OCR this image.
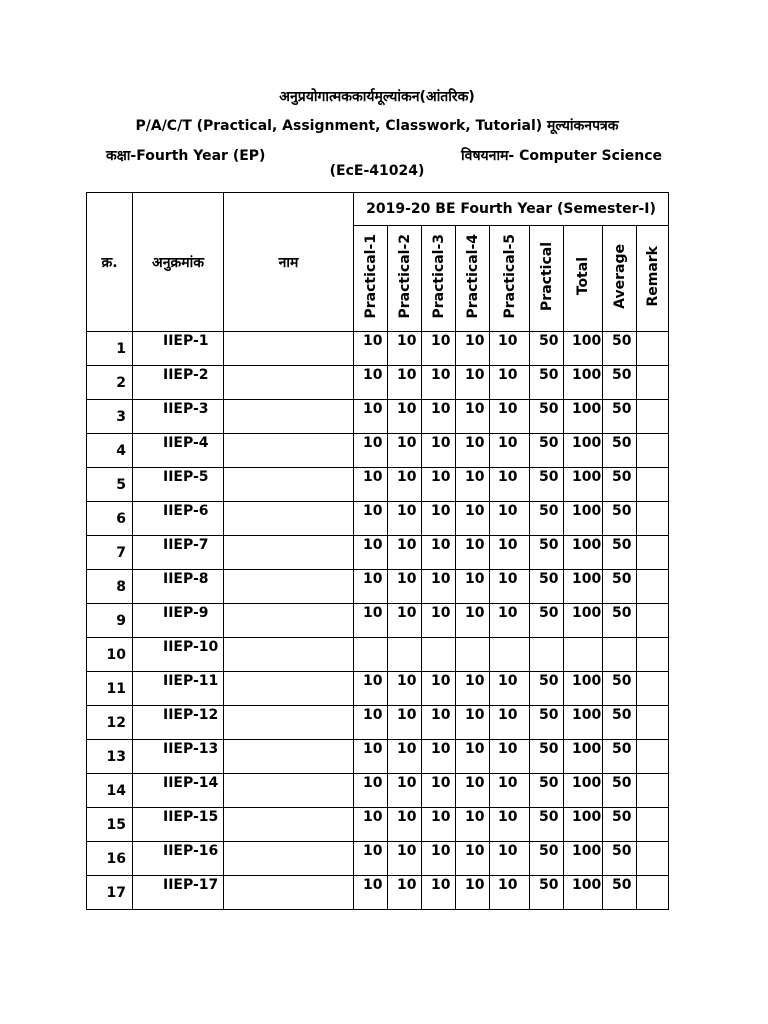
अनुप्रयोगात्मककार्यमूल्यांकन(आंतरिक)
P/A/C/T (Practical, Assignment, Classwork, Tutorial) मूल्यांकनपत्रक
कक्षा-Fourth Year (EP)	विषयनाम- Computer Science
(EcE-41024)
क्र.	अनुक्रमांक	नाम	2019-20 BE Fourth Year (Semester-I)								
			Practical-1	Practical-2	Practical-3	Practical-4	Practical-5	Practical	Total	Average	Remark
1	IIEP-1		10	10	10	10	10	50	100	50	
2	IIEP-2		10	10	10	10	10	50	100	50	
3	IIEP-3		10	10	10	10	10	50	100	50	
4	IIEP-4		10	10	10	10	10	50	100	50	
5	IIEP-5		10	10	10	10	10	50	100	50	
6	IIEP-6		10	10	10	10	10	50	100	50	
7	IIEP-7		10	10	10	10	10	50	100	50	
8	IIEP-8		10	10	10	10	10	50	100	50	
9	IIEP-9		10	10	10	10	10	50	100	50	
10	IIEP-10										
11	IIEP-11		10	10	10	10	10	50	100	50	
12	IIEP-12		10	10	10	10	10	50	100	50	
13	IIEP-13		10	10	10	10	10	50	100	50	
14	IIEP-14		10	10	10	10	10	50	100	50	
15	IIEP-15		10	10	10	10	10	50	100	50	
16	IIEP-16		10	10	10	10	10	50	100	50	
17	IIEP-17		10	10	10	10	10	50	100	50	
